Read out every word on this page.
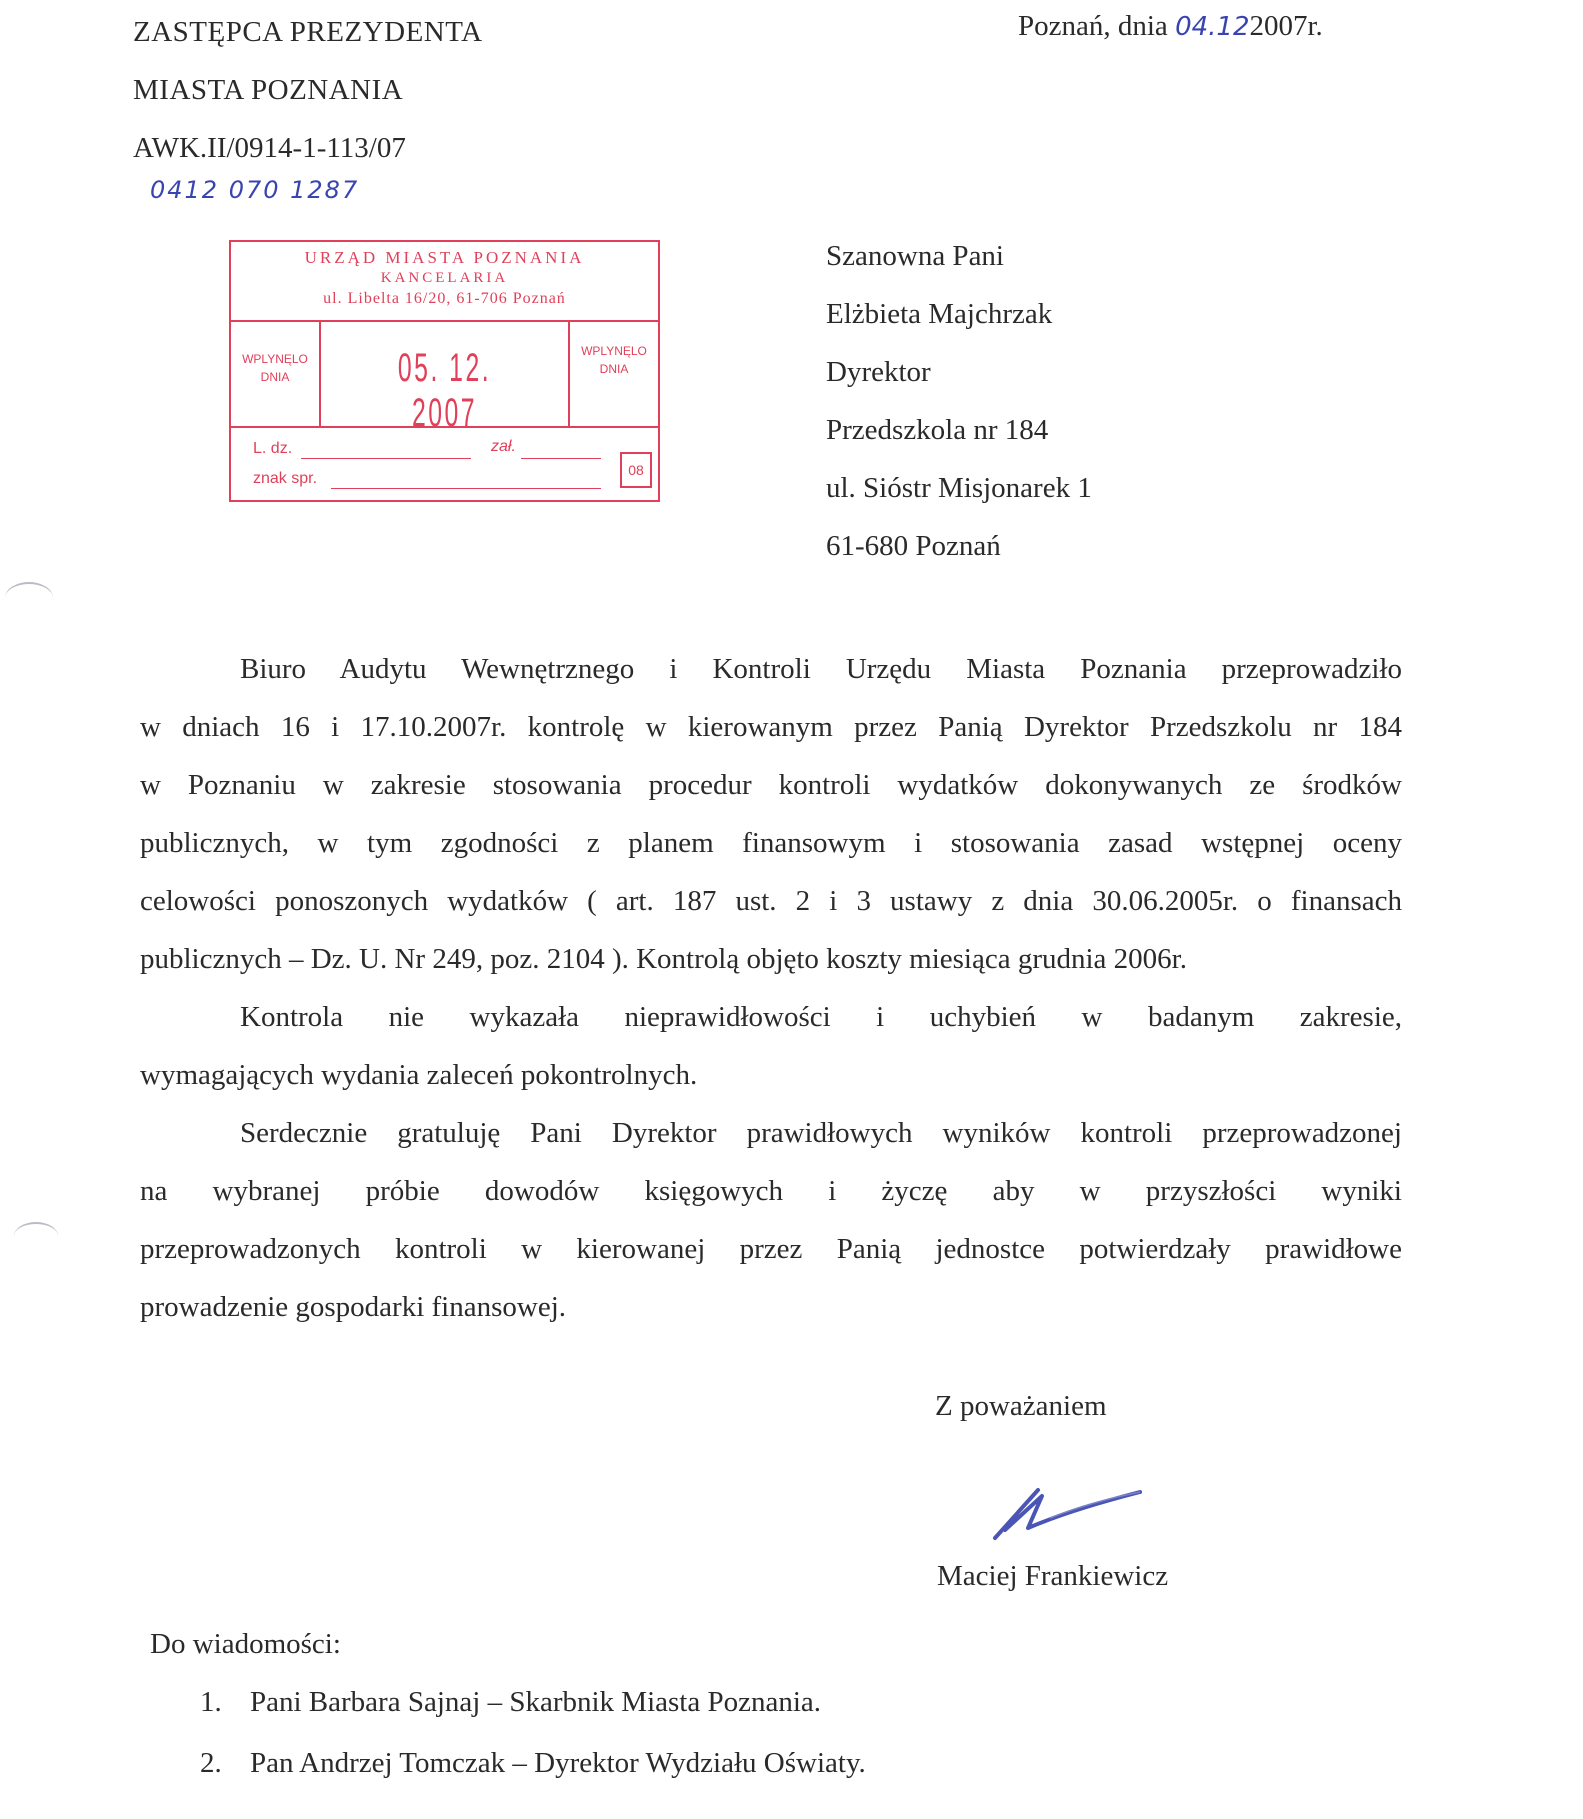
ZASTĘPCA PREZYDENTA
MIASTA POZNANIA
AWK.II/0914-1-113/07
0412 070 1287
Poznań, dnia 04.122007r.
URZĄD MIASTA POZNANIA
KANCELARIA
ul. Libelta 16/20, 61-706 Poznań
WPLYNĘLO
DNIA	05. 12. 2007
WPLYNĘLO
DNIA
L. dz.	zał.
znak spr.	08
Szanowna Pani
Elżbieta Majchrzak
Dyrektor
Przedszkola nr 184
ul. Sióstr Misjonarek 1
61-680 Poznań
Biuro Audytu Wewnętrznego i Kontroli Urzędu Miasta Poznania przeprowadziło
w dniach 16 i 17.10.2007r. kontrolę w kierowanym przez Panią Dyrektor Przedszkolu nr 184
w Poznaniu w zakresie stosowania procedur kontroli wydatków dokonywanych ze środków
publicznych, w tym zgodności z planem finansowym i stosowania zasad wstępnej oceny
celowości ponoszonych wydatków ( art. 187 ust. 2 i 3 ustawy z dnia 30.06.2005r. o finansach
publicznych – Dz. U. Nr 249, poz. 2104 ). Kontrolą objęto koszty miesiąca grudnia 2006r.
Kontrola nie wykazała nieprawidłowości i uchybień w badanym zakresie,
wymagających wydania zaleceń pokontrolnych.
Serdecznie gratuluję Pani Dyrektor prawidłowych wyników kontroli przeprowadzonej
na wybranej próbie dowodów księgowych i życzę aby w przyszłości wyniki
przeprowadzonych kontroli w kierowanej przez Panią jednostce potwierdzały prawidłowe
prowadzenie gospodarki finansowej.
Z poważaniem
Maciej Frankiewicz
Do wiadomości:
1. Pani Barbara Sajnaj – Skarbnik Miasta Poznania.
2. Pan Andrzej Tomczak – Dyrektor Wydziału Oświaty.
